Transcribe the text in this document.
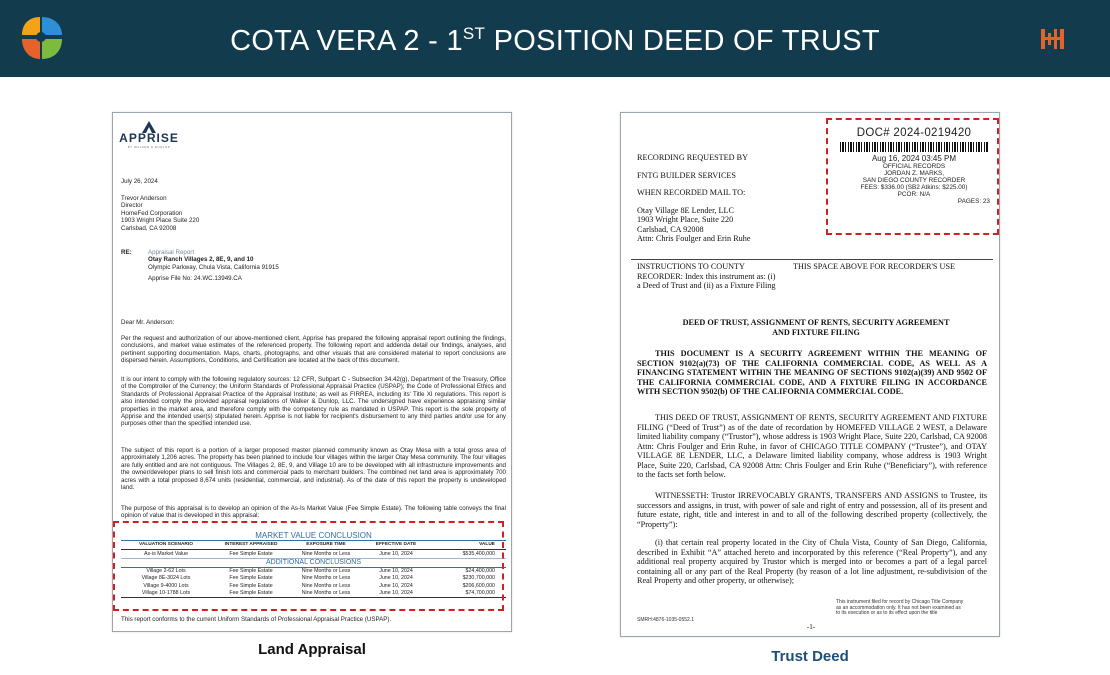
COTA VERA 2 - 1ST POSITION DEED OF TRUST
APPRISE
BY WALKER & DUNLOP
July 26, 2024
Trevor Anderson
Director
HomeFed Corporation
1903 Wright Place Suite 220
Carlsbad, CA 92008
RE:	Appraisal Report
Otay Ranch Villages 2, 8E, 9, and 10
Olympic Parkway, Chula Vista, California 91915
Apprise File No: 24.WC.13949.CA
Dear Mr. Anderson:

Per the request and authorization of our above-mentioned client, Apprise has prepared the following appraisal report outlining the findings, conclusions, and market value estimates of the referenced property. The following report and addenda detail our findings, analyses, and pertinent supporting documentation. Maps, charts, photographs, and other visuals that are considered material to report conclusions are dispersed herein. Assumptions, Conditions, and Certification are located at the back of this document.

It is our intent to comply with the following regulatory sources: 12 CFR, Subpart C - Subsection 34.42(g), Department of the Treasury, Office of the Comptroller of the Currency; the Uniform Standards of Professional Appraisal Practice (USPAP); the Code of Professional Ethics and Standards of Professional Appraisal Practice of the Appraisal Institute; as well as FIRREA, including its' Title XI regulations. This report is also intended comply the provided appraisal regulations of Walker & Dunlop, LLC. The undersigned have experience appraising similar properties in the market area, and therefore comply with the competency rule as mandated in USPAP. This report is the sole property of Apprise and the intended user(s) stipulated herein. Apprise is not liable for recipient's disbursement to any third parties and/or use for any purposes other than the specified intended use.

The subject of this report is a portion of a larger proposed master planned community known as Otay Mesa with a total gross area of approximately 1,206 acres. The property has been planned to include four villages within the larger Otay Mesa community. The four villages are fully entitled and are not contiguous. The Villages 2, 8E, 9, and Village 10 are to be developed with all infrastructure improvements and the owner/developer plans to sell finish lots and commercial pads to merchant builders. The combined net land area is approximately 700 acres with a total proposed 8,674 units (residential, commercial, and industrial). As of the date of this report the property is undeveloped land.

The purpose of this appraisal is to develop an opinion of the As-Is Market Value (Fee Simple Estate). The following table conveys the final opinion of value that is developed in this appraisal:

MARKET VALUE CONCLUSION
VALUATION SCENARIO	INTEREST APPRAISED	EXPOSURE TIME	EFFECTIVE DATE	VALUE
As-is Market Value	Fee Simple Estate	Nine Months or Less	June 10, 2024	$535,400,000
ADDITIONAL CONCLUSIONS
Village 2-62 Lots	Fee Simple Estate	Nine Months or Less	June 10, 2024	$24,400,000
Village 8E-3024 Lots	Fee Simple Estate	Nine Months or Less	June 10, 2024	$230,700,000
Village 9-4000 Lots	Fee Simple Estate	Nine Months or Less	June 10, 2024	$206,600,000
Village 10-1788 Lots	Fee Simple Estate	Nine Months or Less	June 10, 2024	$74,700,000
This report conforms to the current Uniform Standards of Professional Appraisal Practice (USPAP).
RECORDING REQUESTED BY
FNTG BUILDER SERVICES
WHEN RECORDED MAIL TO:
Otay Village 8E Lender, LLC
1903 Wright Place, Suite 220
Carlsbad, CA 92008
Attn: Chris Foulger and Erin Ruhe
DOC# 2024-0219420
Aug 16, 2024 03:45 PM
OFFICIAL RECORDS
JORDAN Z. MARKS,
SAN DIEGO COUNTY RECORDER
FEES: $336.00 (SB2 Atkins: $225.00)
PCOR: N/A
PAGES: 23
INSTRUCTIONS TO COUNTY RECORDER: Index this instrument as: (i) a Deed of Trust and (ii) as a Fixture Filing
THIS SPACE ABOVE FOR RECORDER'S USE
DEED OF TRUST, ASSIGNMENT OF RENTS, SECURITY AGREEMENT AND FIXTURE FILING

THIS DOCUMENT IS A SECURITY AGREEMENT WITHIN THE MEANING OF SECTION 9102(a)(73) OF THE CALIFORNIA COMMERCIAL CODE, AS WELL AS A FINANCING STATEMENT WITHIN THE MEANING OF SECTIONS 9102(a)(39) AND 9502 OF THE CALIFORNIA COMMERCIAL CODE, AND A FIXTURE FILING IN ACCORDANCE WITH SECTION 9502(b) OF THE CALIFORNIA COMMERCIAL CODE.

THIS DEED OF TRUST, ASSIGNMENT OF RENTS, SECURITY AGREEMENT AND FIXTURE FILING (“Deed of Trust”) as of the date of recordation by HOMEFED VILLAGE 2 WEST, a Delaware limited liability company (“Trustor”), whose address is 1903 Wright Place, Suite 220, Carlsbad, CA 92008 Attn: Chris Foulger and Erin Ruhe, in favor of CHICAGO TITLE COMPANY (“Trustee”), and OTAY VILLAGE 8E LENDER, LLC, a Delaware limited liability company, whose address is 1903 Wright Place, Suite 220, Carlsbad, CA 92008 Attn: Chris Foulger and Erin Ruhe (“Beneficiary”), with reference to the facts set forth below.

WITNESSETH: Trustor IRREVOCABLY GRANTS, TRANSFERS AND ASSIGNS to Trustee, its successors and assigns, in trust, with power of sale and right of entry and possession, all of its present and future estate, right, title and interest in and to all of the following described property (collectively, the “Property”):

(i) that certain real property located in the City of Chula Vista, County of San Diego, California, described in Exhibit “A” attached hereto and incorporated by this reference (“Real Property”), and any additional real property acquired by Trustor which is merged into or becomes a part of a legal parcel containing all or any part of the Real Property (by reason of a lot line adjustment, re-subdivision of the Real Property and other property, or otherwise);

This instrument filed for record by Chicago Title Company as an accommodation only. It has not been examined as to its execution or as to its effect upon the title
SMRH:4876-1035-0552.1
-1-
Land Appraisal	Trust Deed
